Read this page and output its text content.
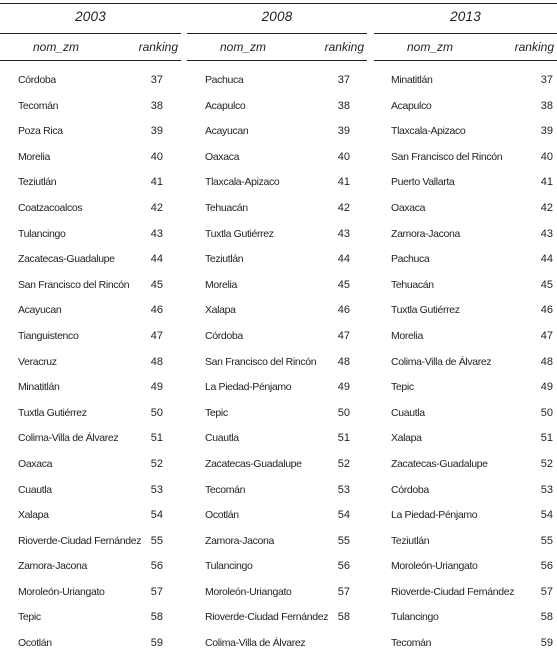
2003
nom_zm	ranking
Córdoba	37
Tecomán	38
Poza Rica	39
Morelia	40
Teziutlán	41
Coatzacoalcos	42
Tulancingo	43
Zacatecas-Guadalupe	44
San Francisco del Rincón 45
Acayucan	46
Tianguistenco	47
Veracruz	48
Minatitlán	49
Tuxtla Gutiérrez	50
Colima-Villa de Álvarez	51
Oaxaca	52
Cuautla	53
Xalapa	54
Rioverde-Ciudad Fernández 55
Zamora-Jacona	56
Moroleón-Uriangato	57
Tepic	58
Ocotlán	59
2008
nom_zm	ranking
Pachuca	37
Acapulco	38
Acayucan	39
Oaxaca	40
Tlaxcala-Apizaco	41
Tehuacán	42
Tuxtla Gutiérrez	43
Teziutlán	44
Morelia	45
Xalapa	46
Córdoba	47
San Francisco del Rincón 48
La Piedad-Pénjamo	49
Tepic	50
Cuautla	51
Zacatecas-Guadalupe	52
Tecomán	53
Ocotlán	54
Zamora-Jacona	55
Tulancingo	56
Moroleón-Uriangato	57
Rioverde-Ciudad Fernández 58
Colima-Villa de Álvarez
2013
nom_zm	ranking
Minatitlán	37
Acapulco	38
Tlaxcala-Apizaco	39
San Francisco del Rincón	40
Puerto Vallarta	41
Oaxaca	42
Zamora-Jacona	43
Pachuca	44
Tehuacán	45
Tuxtla Gutiérrez	46
Morelia	47
Colima-Villa de Álvarez	48
Tepic	49
Cuautla	50
Xalapa	51
Zacatecas-Guadalupe	52
Córdoba	53
La Piedad-Pénjamo	54
Teziutlán	55
Moroleón-Uriangato	56
Rioverde-Ciudad Fernández 57
Tulancingo	58
Tecomán	59
